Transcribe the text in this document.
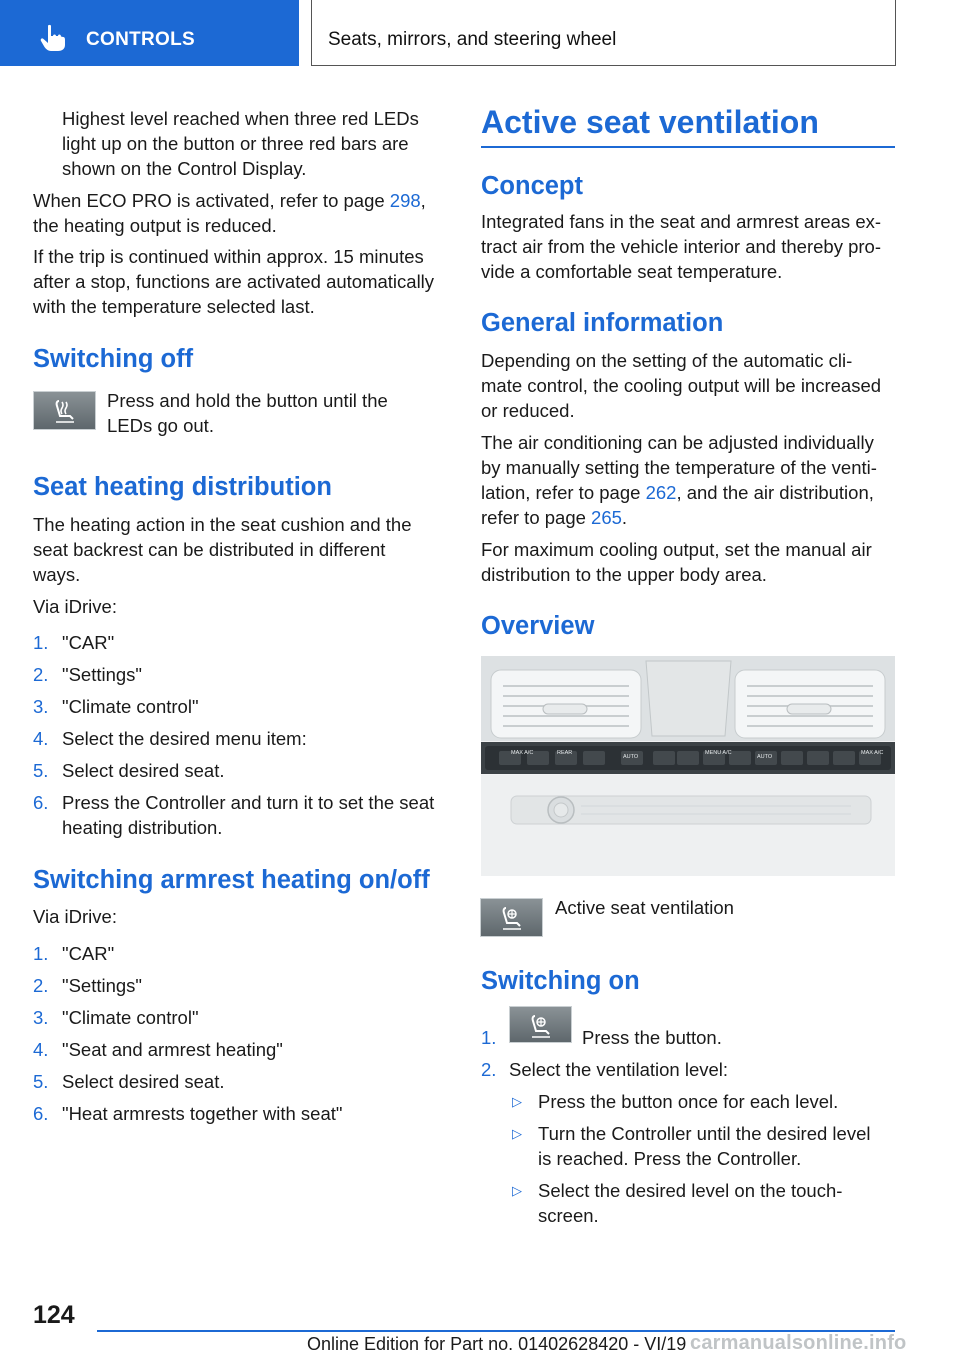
CONTROLS	Seats, mirrors, and steering wheel
Highest level reached when three red LEDs
light up on the button or three red bars are
shown on the Control Display.
When ECO PRO is activated, refer to page 298,
the heating output is reduced.
If the trip is continued within approx. 15 minutes
after a stop, functions are activated automatically
with the temperature selected last.
Switching off
Press and hold the button until the
LEDs go out.
Seat heating distribution
The heating action in the seat cushion and the
seat backrest can be distributed in different
ways.
Via iDrive:
1. "CAR"
2. "Settings"
3. "Climate control"
4. Select the desired menu item:
5. Select desired seat.
6. Press the Controller and turn it to set the seat
heating distribution.
Switching armrest heating on/off
Via iDrive:
1. "CAR"
2. "Settings"
3. "Climate control"
4. "Seat and armrest heating"
5. Select desired seat.
6. "Heat armrests together with seat"
Active seat ventilation
Concept
Integrated fans in the seat and armrest areas ex-
tract air from the vehicle interior and thereby pro-
vide a comfortable seat temperature.
General information
Depending on the setting of the automatic cli-
mate control, the cooling output will be increased
or reduced.
The air conditioning can be adjusted individually
by manually setting the temperature of the venti-
lation, refer to page 262, and the air distribution,
refer to page 265.
For maximum cooling output, set the manual air
distribution to the upper body area.
Overview
MAX A/C	REAR
AUTO
MENU A/C
AUTO
MAX A/C
Active seat ventilation
Switching on
1.	Press the button.
2. Select the ventilation level:
▷ Press the button once for each level.
▷ Turn the Controller until the desired level
is reached. Press the Controller.
▷ Select the desired level on the touch-
screen.
124
Online Edition for Part no. 01402628420 - VI/19 carmanualsonline.info
